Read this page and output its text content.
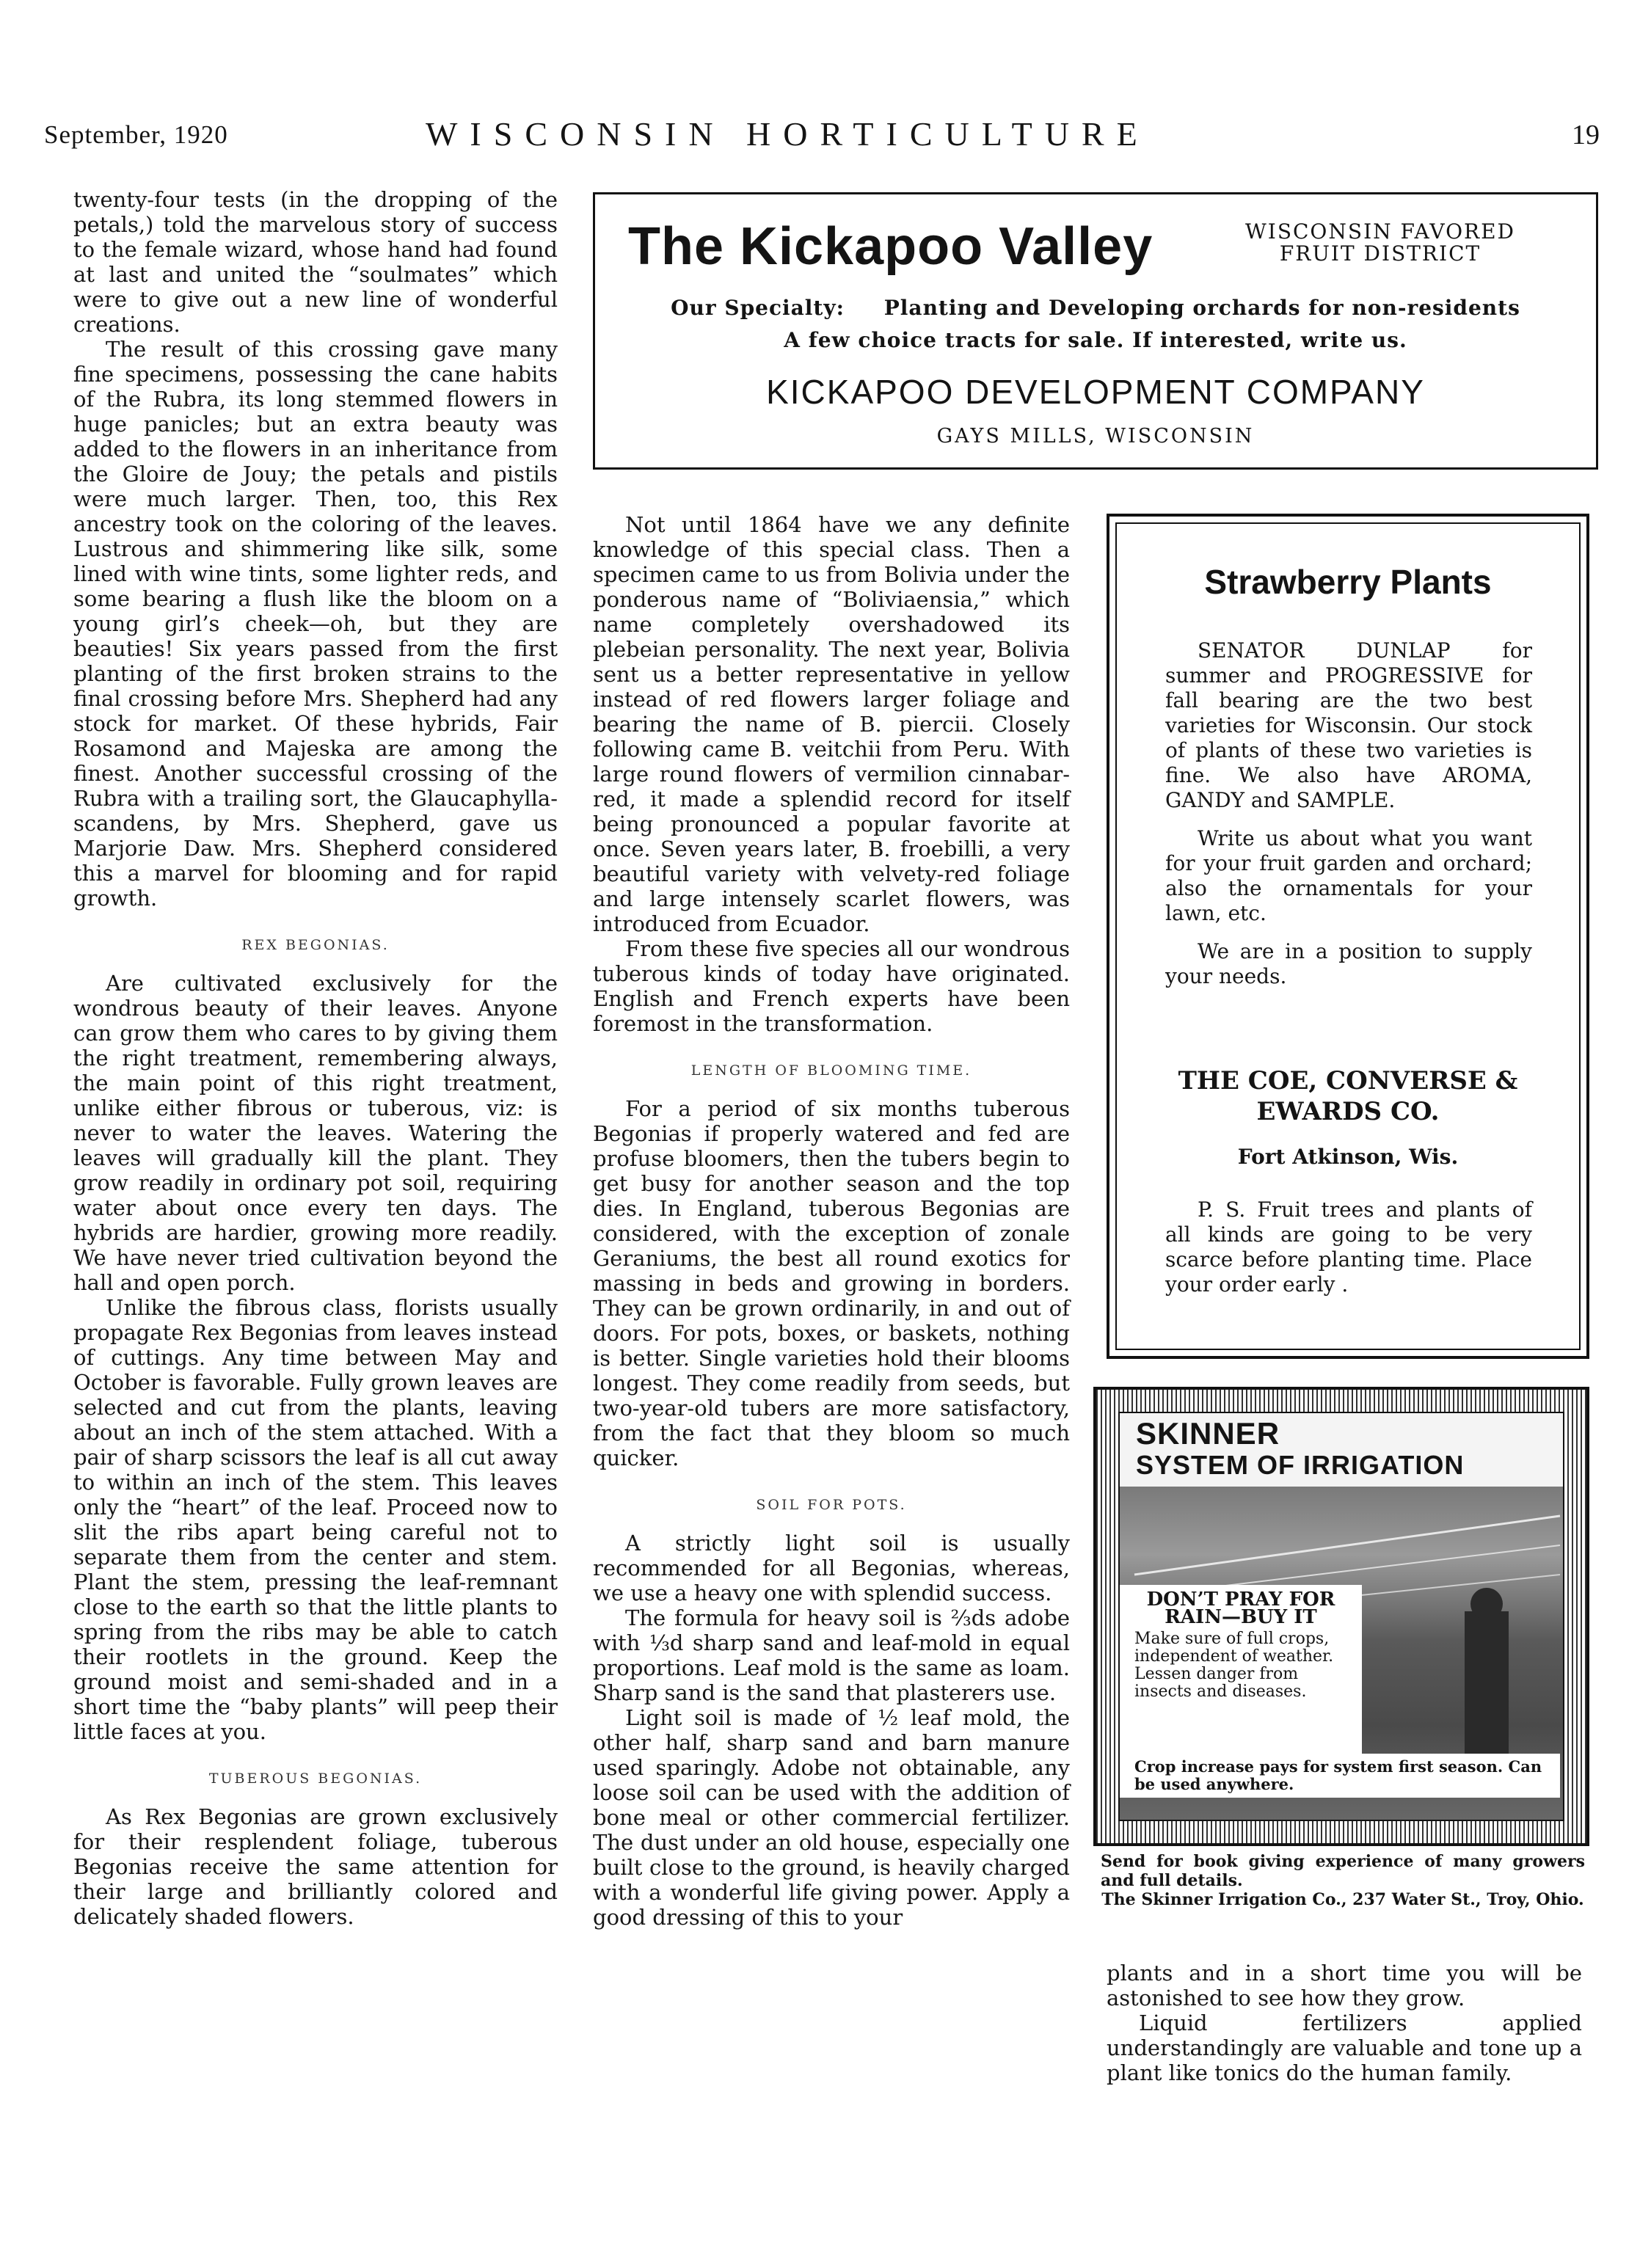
September, 1920	WISCONSIN HORTICULTURE	19

twenty-four tests (in the dropping of the petals,) told the marvelous story of success to the female wizard, whose hand had found at last and united the “soulmates” which were to give out a new line of wonderful creations.

The result of this crossing gave many fine specimens, possessing the cane habits of the Rubra, its long stemmed flowers in huge panicles; but an extra beauty was added to the flowers in an inheritance from the Gloire de Jouy; the petals and pistils were much larger. Then, too, this Rex ancestry took on the coloring of the leaves. Lustrous and shimmering like silk, some lined with wine tints, some lighter reds, and some bearing a flush like the bloom on a young girl’s cheek—oh, but they are beauties! Six years passed from the first planting of the first broken strains to the final crossing before Mrs. Shepherd had any stock for market. Of these hybrids, Fair Rosamond and Majeska are among the finest. Another successful crossing of the Rubra with a trailing sort, the Glaucaphylla-scandens, by Mrs. Shepherd, gave us Marjorie Daw. Mrs. Shepherd considered this a marvel for blooming and for rapid growth.

REX BEGONIAS.

Are cultivated exclusively for the wondrous beauty of their leaves. Anyone can grow them who cares to by giving them the right treatment, remembering always, the main point of this right treatment, unlike either fibrous or tuberous, viz: is never to water the leaves. Watering the leaves will gradually kill the plant. They grow readily in ordinary pot soil, requiring water about once every ten days. The hybrids are hardier, growing more readily. We have never tried cultivation beyond the hall and open porch.

Unlike the fibrous class, florists usually propagate Rex Begonias from leaves instead of cuttings. Any time between May and October is favorable. Fully grown leaves are selected and cut from the plants, leaving about an inch of the stem attached. With a pair of sharp scissors the leaf is all cut away to within an inch of the stem. This leaves only the “heart” of the leaf. Proceed now to slit the ribs apart being careful not to separate them from the center and stem. Plant the stem, pressing the leaf-remnant close to the earth so that the little plants to spring from the ribs may be able to catch their rootlets in the ground. Keep the ground moist and semi-shaded and in a short time the “baby plants” will peep their little faces at you.

TUBEROUS BEGONIAS.

As Rex Begonias are grown exclusively for their resplendent foliage, tuberous Begonias receive the same attention for their large and brilliantly colored and delicately shaded flowers.

The Kickapoo Valley	WISCONSIN FAVORED
FRUIT DISTRICT
Our Specialty: Planting and Developing orchards for non-residents
A few choice tracts for sale. If interested, write us.
KICKAPOO DEVELOPMENT COMPANY
GAYS MILLS, WISCONSIN

Not until 1864 have we any definite knowledge of this special class. Then a specimen came to us from Bolivia under the ponderous name of “Boliviaensia,” which name completely overshadowed its plebeian personality. The next year, Bolivia sent us a better representative in yellow instead of red flowers larger foliage and bearing the name of B. piercii. Closely following came B. veitchii from Peru. With large round flowers of vermilion cinnabar-red, it made a splendid record for itself being pronounced a popular favorite at once. Seven years later, B. froebilli, a very beautiful variety with velvety-red foliage and large intensely scarlet flowers, was introduced from Ecuador.

From these five species all our wondrous tuberous kinds of today have originated. English and French experts have been foremost in the transformation.

LENGTH OF BLOOMING TIME.

For a period of six months tuberous Begonias if properly watered and fed are profuse bloomers, then the tubers begin to get busy for another season and the top dies. In England, tuberous Begonias are considered, with the exception of zonale Geraniums, the best all round exotics for massing in beds and growing in borders. They can be grown ordinarily, in and out of doors. For pots, boxes, or baskets, nothing is better. Single varieties hold their blooms longest. They come readily from seeds, but two-year-old tubers are more satisfactory, from the fact that they bloom so much quicker.

SOIL FOR POTS.

A strictly light soil is usually recommended for all Begonias, whereas, we use a heavy one with splendid success.

The formula for heavy soil is ⅔ds adobe with ⅓d sharp sand and leaf-mold in equal proportions. Leaf mold is the same as loam. Sharp sand is the sand that plasterers use.

Light soil is made of ½ leaf mold, the other half, sharp sand and barn manure used sparingly. Adobe not obtainable, any loose soil can be used with the addition of bone meal or other commercial fertilizer. The dust under an old house, especially one built close to the ground, is heavily charged with a wonderful life giving power. Apply a good dressing of this to your

Strawberry Plants

SENATOR DUNLAP for summer and PROGRESSIVE for fall bearing are the two best varieties for Wisconsin. Our stock of plants of these two varieties is fine. We also have AROMA, GANDY and SAMPLE.

Write us about what you want for your fruit garden and orchard; also the ornamentals for your lawn, etc.

We are in a position to supply your needs.

THE COE, CONVERSE & EWARDS CO.
Fort Atkinson, Wis.
P. S. Fruit trees and plants of all kinds are going to be very scarce before planting time. Place your order early .
SKINNER
SYSTEM OF IRRIGATION
DON’T PRAY FOR
RAIN—BUY IT
Make sure of full crops, independent of weather. Lessen danger from insects and diseases.
Crop increase pays for system first season. Can be used anywhere.
Send for book giving experience of many growers and full details.
The Skinner Irrigation Co., 237 Water St., Troy, Ohio.

plants and in a short time you will be astonished to see how they grow.

Liquid fertilizers applied understandingly are valuable and tone up a plant like tonics do the human family.
